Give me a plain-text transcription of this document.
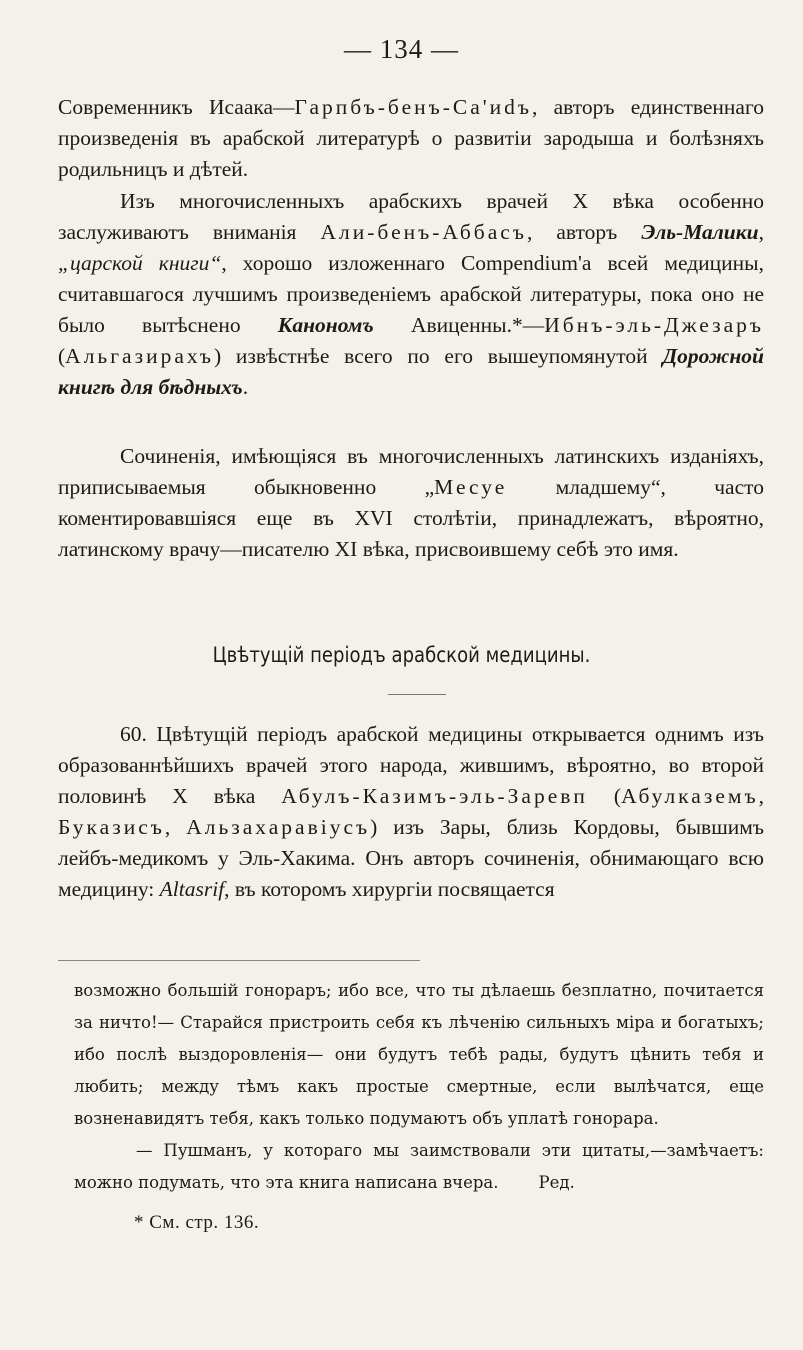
— 134 —

Современникъ Исаака—Гарпбъ-бенъ-Са'иdъ, авторъ единственнаго произведенія въ арабской литературѣ о развитіи зародыша и болѣзняхъ родильницъ и дѣтей.

Изъ многочисленныхъ арабскихъ врачей X вѣка особенно заслуживаютъ вниманія Али-бенъ-Аббасъ, авторъ Эль-Малики, „царской книги“, хорошо изложеннаго Compendium'а всей медицины, считавшагося лучшимъ произведеніемъ арабской литературы, пока оно не было вытѣснено Канономъ Авиценны.*—Ибнъ-эль-Джезаръ (Альгазирахъ) извѣстнѣе всего по его вышеупомянутой Дорожной книгѣ для бѣдныхъ.

Сочиненія, имѣющіяся въ многочисленныхъ латинскихъ изданіяхъ, приписываемыя обыкновенно „Месуе младшему“, часто коментировавшіяся еще въ XVI столѣтіи, принадлежатъ, вѣроятно, латинскому врачу—писателю XI вѣка, присвоившему себѣ это имя.

Цвѣтущій періодъ арабской медицины.

60. Цвѣтущій періодъ арабской медицины открывается однимъ изъ образованнѣйшихъ врачей этого народа, жившимъ, вѣроятно, во второй половинѣ X вѣка Абулъ-Казимъ-эль-Заревп (Абулказемъ, Буказисъ, Альзахаравіусъ) изъ Зары, близь Кордовы, бывшимъ лейбъ-медикомъ у Эль-Хакима. Онъ авторъ сочиненія, обнимающаго всю медицину: Altasrif, въ которомъ хирургіи посвящается

возможно большій гонораръ; ибо все, что ты дѣлаешь безплатно, почитается за ничто!— Старайся пристроить себя къ лѣченію сильныхъ міра и богатыхъ; ибо послѣ выздоровленія— они будутъ тебѣ рады, будутъ цѣнить тебя и любить; между тѣмъ какъ простые смертные, если вылѣчатся, еще возненавидятъ тебя, какъ только подумаютъ объ уплатѣ гонорара.

— Пушманъ, у котораго мы заимствовали эти цитаты,—замѣчаетъ: можно подумать, что эта книга написана вчера. Ред.

* См. стр. 136.
